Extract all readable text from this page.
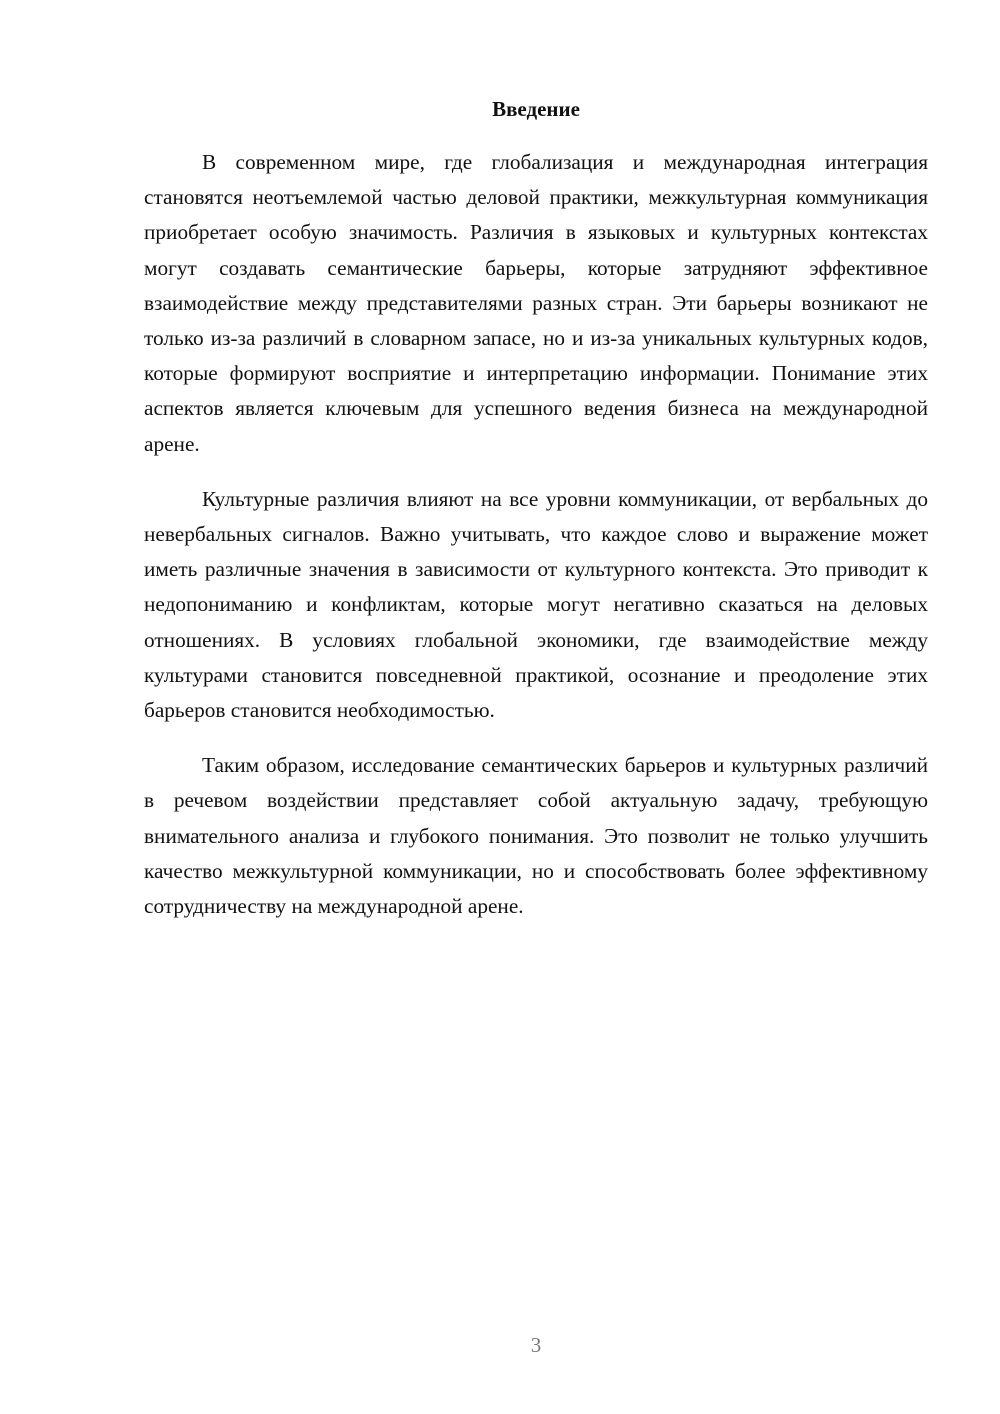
Введение

В современном мире, где глобализация и международная интеграция становятся неотъемлемой частью деловой практики, межкультурная коммуникация приобретает особую значимость. Различия в языковых и культурных контекстах могут создавать семантические барьеры, которые затрудняют эффективное взаимодействие между представителями разных стран. Эти барьеры возникают не только из-за различий в словарном запасе, но и из-за уникальных культурных кодов, которые формируют восприятие и интерпретацию информации. Понимание этих аспектов является ключевым для успешного ведения бизнеса на международной арене.

Культурные различия влияют на все уровни коммуникации, от вербальных до невербальных сигналов. Важно учитывать, что каждое слово и выражение может иметь различные значения в зависимости от культурного контекста. Это приводит к недопониманию и конфликтам, которые могут негативно сказаться на деловых отношениях. В условиях глобальной экономики, где взаимодействие между культурами становится повседневной практикой, осознание и преодоление этих барьеров становится необходимостью.

Таким образом, исследование семантических барьеров и культурных различий в речевом воздействии представляет собой актуальную задачу, требующую внимательного анализа и глубокого понимания. Это позволит не только улучшить качество межкультурной коммуникации, но и способствовать более эффективному сотрудничеству на международной арене.

3
